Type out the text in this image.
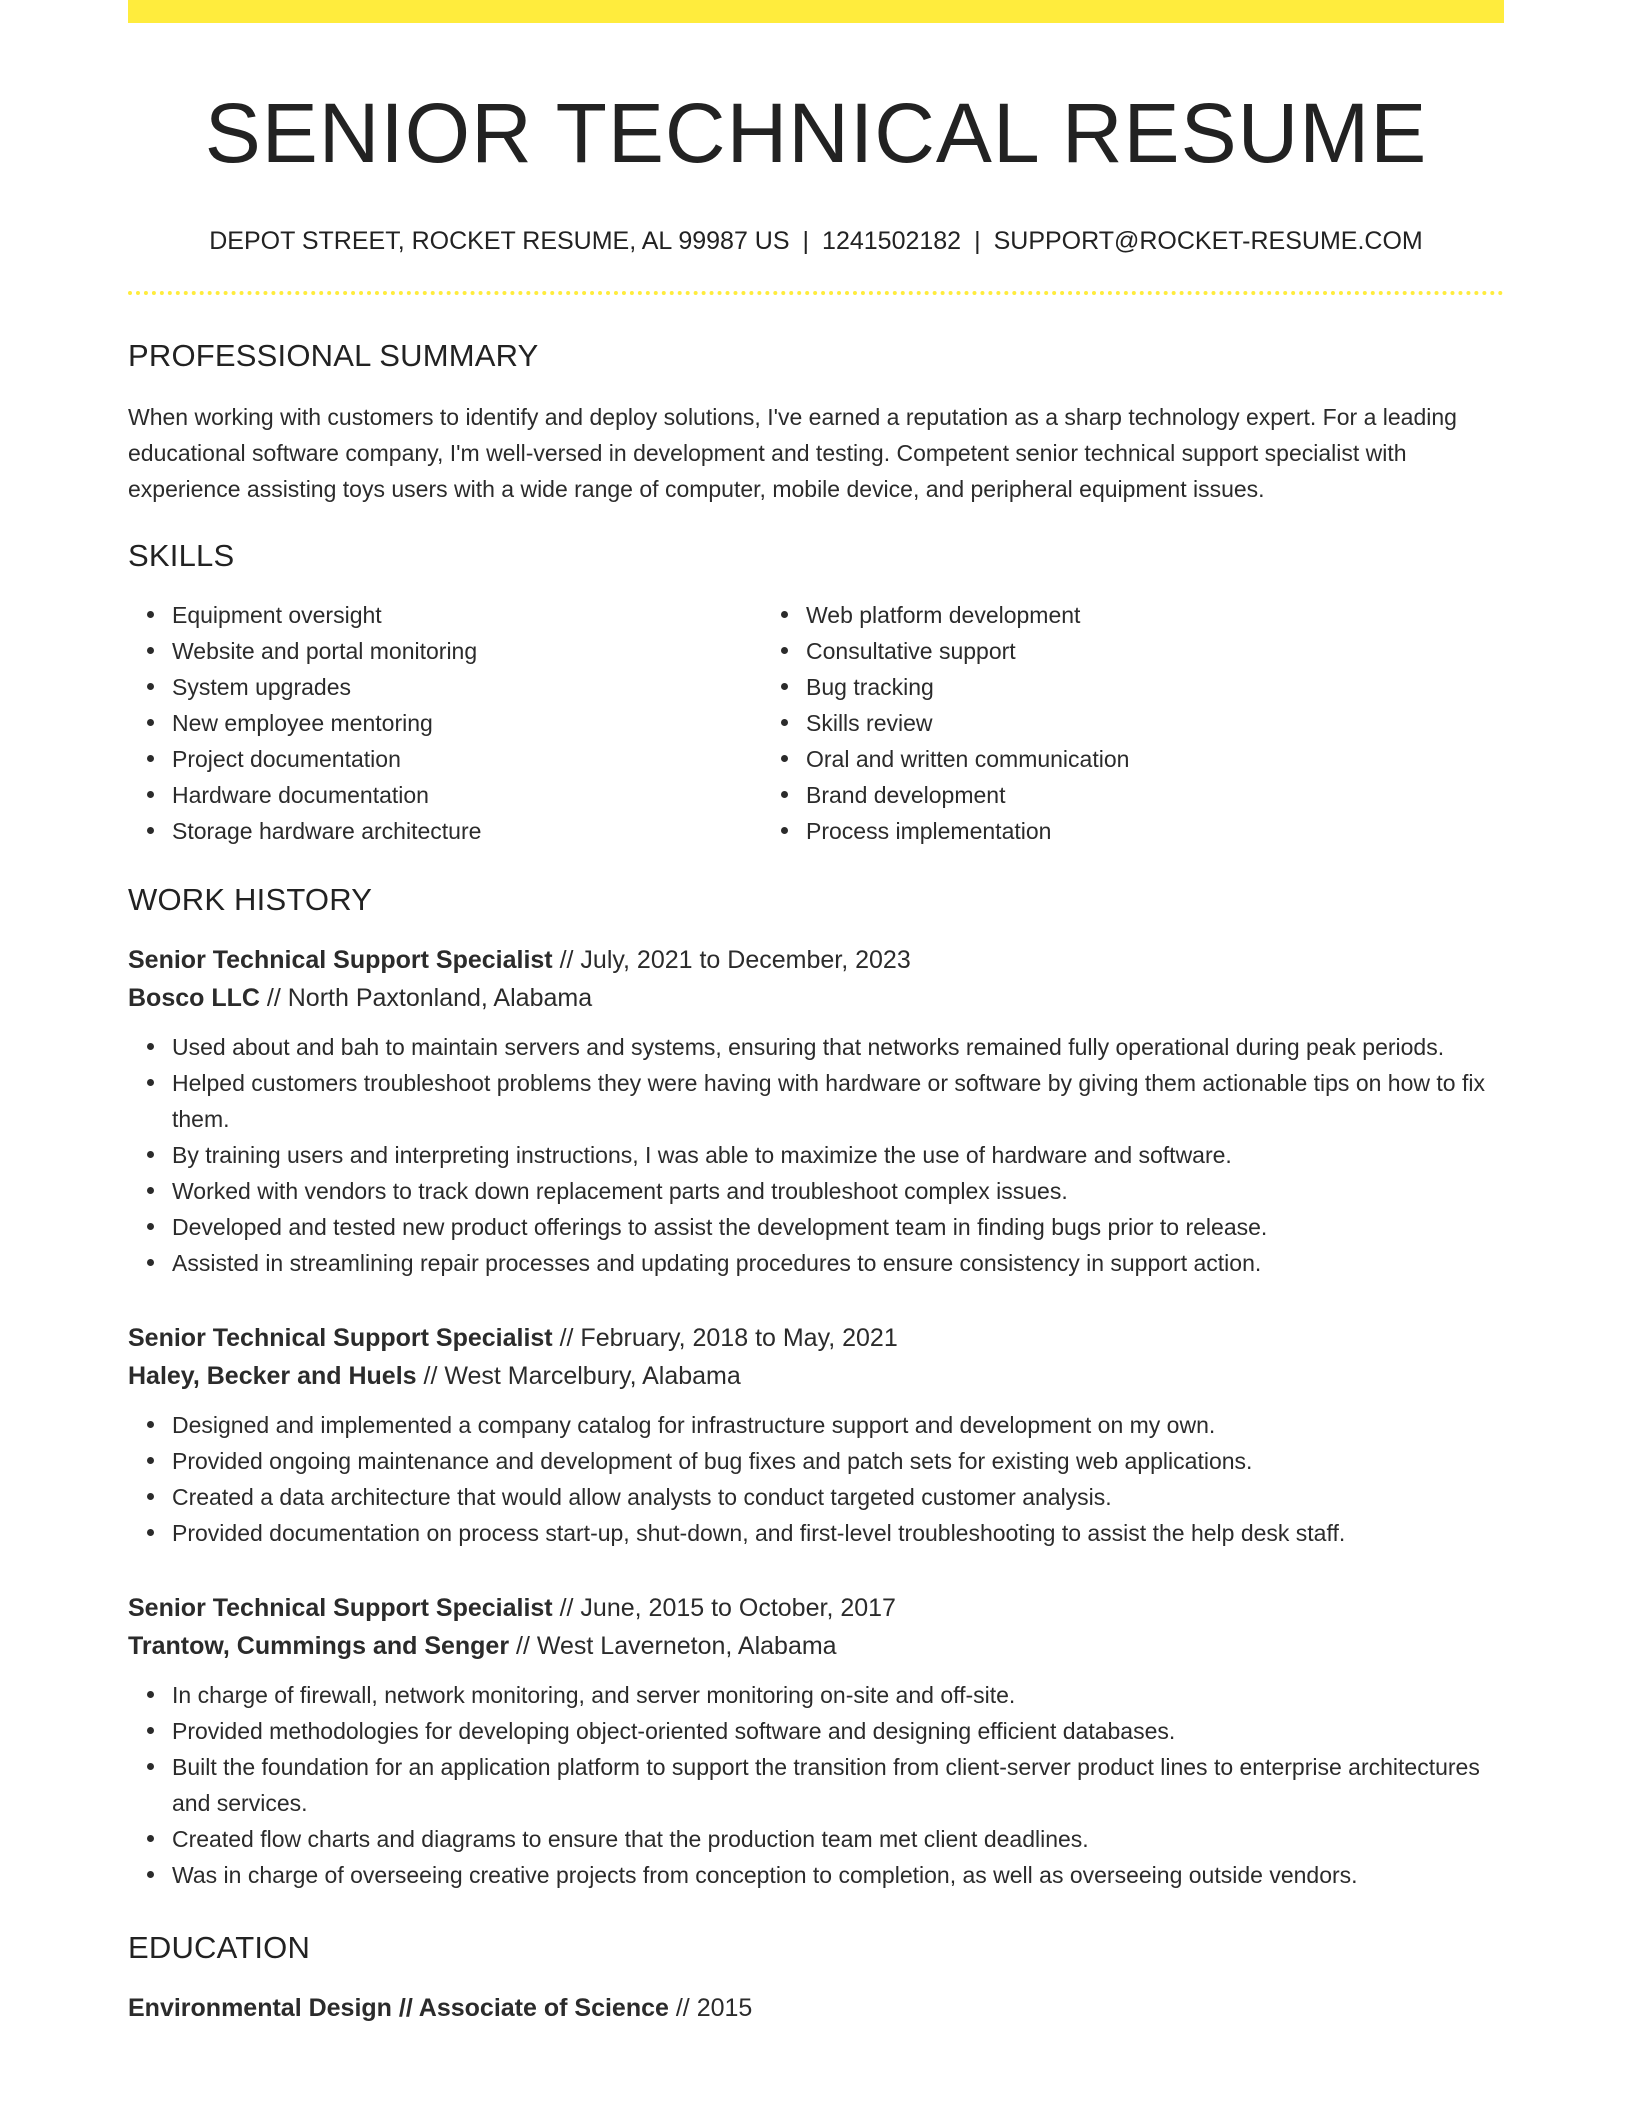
SENIOR TECHNICAL RESUME
DEPOT STREET, ROCKET RESUME, AL 99987 US | 1241502182 | SUPPORT@ROCKET-RESUME.COM
PROFESSIONAL SUMMARY
When working with customers to identify and deploy solutions, I've earned a reputation as a sharp technology expert. For a leading educational software company, I'm well-versed in development and testing. Competent senior technical support specialist with experience assisting toys users with a wide range of computer, mobile device, and peripheral equipment issues.
SKILLS
Equipment oversight
Website and portal monitoring
System upgrades
New employee mentoring
Project documentation
Hardware documentation
Storage hardware architecture
Web platform development
Consultative support
Bug tracking
Skills review
Oral and written communication
Brand development
Process implementation
WORK HISTORY
Senior Technical Support Specialist // July, 2021 to December, 2023
Bosco LLC // North Paxtonland, Alabama
Used about and bah to maintain servers and systems, ensuring that networks remained fully operational during peak periods.
Helped customers troubleshoot problems they were having with hardware or software by giving them actionable tips on how to fix them.
By training users and interpreting instructions, I was able to maximize the use of hardware and software.
Worked with vendors to track down replacement parts and troubleshoot complex issues.
Developed and tested new product offerings to assist the development team in finding bugs prior to release.
Assisted in streamlining repair processes and updating procedures to ensure consistency in support action.
Senior Technical Support Specialist // February, 2018 to May, 2021
Haley, Becker and Huels // West Marcelbury, Alabama
Designed and implemented a company catalog for infrastructure support and development on my own.
Provided ongoing maintenance and development of bug fixes and patch sets for existing web applications.
Created a data architecture that would allow analysts to conduct targeted customer analysis.
Provided documentation on process start-up, shut-down, and first-level troubleshooting to assist the help desk staff.
Senior Technical Support Specialist // June, 2015 to October, 2017
Trantow, Cummings and Senger // West Laverneton, Alabama
In charge of firewall, network monitoring, and server monitoring on-site and off-site.
Provided methodologies for developing object-oriented software and designing efficient databases.
Built the foundation for an application platform to support the transition from client-server product lines to enterprise architectures and services.
Created flow charts and diagrams to ensure that the production team met client deadlines.
Was in charge of overseeing creative projects from conception to completion, as well as overseeing outside vendors.
EDUCATION
Environmental Design // Associate of Science // 2015
